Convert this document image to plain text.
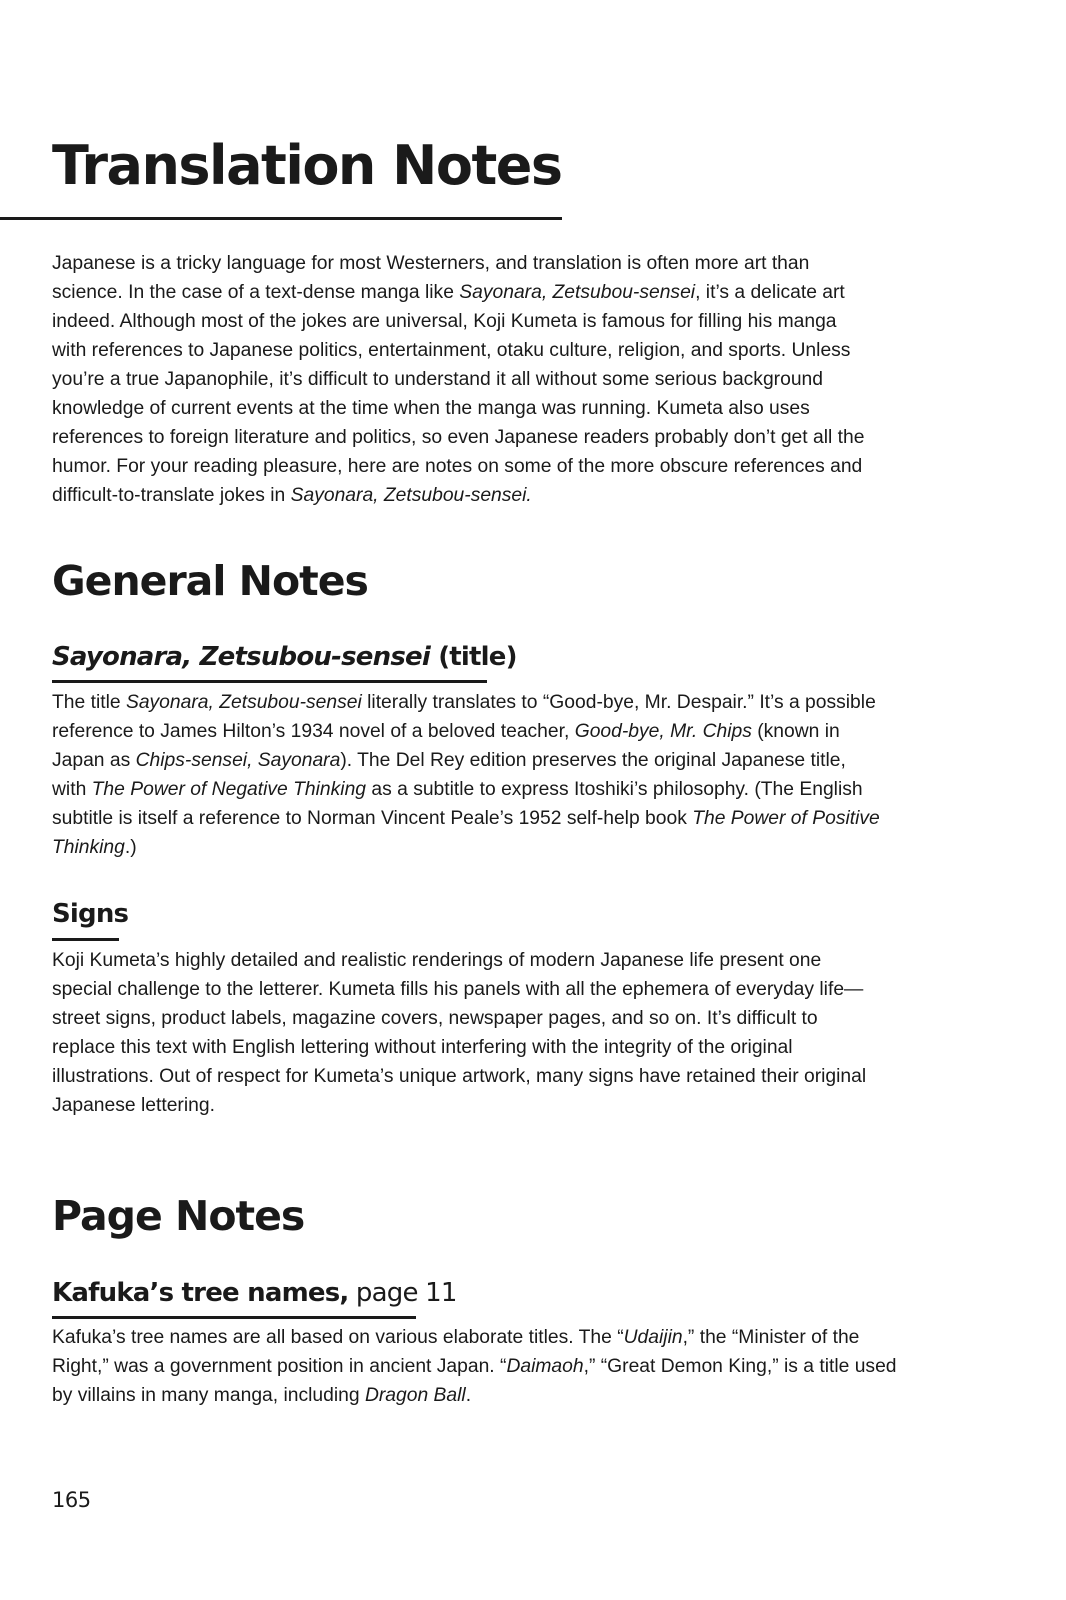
Translation Notes

Japanese is a tricky language for most Westerners, and translation is often more art than science. In the case of a text-dense manga like Sayonara, Zetsubou-sensei, it’s a delicate art indeed. Although most of the jokes are universal, Koji Kumeta is famous for filling his manga with references to Japanese politics, entertainment, otaku culture, religion, and sports. Unless you’re a true Japanophile, it’s difficult to understand it all without some serious background knowledge of current events at the time when the manga was running. Kumeta also uses references to foreign literature and politics, so even Japanese readers probably don’t get all the humor. For your reading pleasure, here are notes on some of the more obscure references and difficult-to-translate jokes in Sayonara, Zetsubou-sensei.

General Notes
Sayonara, Zetsubou-sensei (title)

The title Sayonara, Zetsubou-sensei literally translates to “Good-bye, Mr. Despair.” It’s a possible reference to James Hilton’s 1934 novel of a beloved teacher, Good-bye, Mr. Chips (known in Japan as Chips-sensei, Sayonara). The Del Rey edition preserves the original Japanese title, with The Power of Negative Thinking as a subtitle to express Itoshiki’s philosophy. (The English subtitle is itself a reference to Norman Vincent Peale’s 1952 self-help book The Power of Positive Thinking.)

Signs

Koji Kumeta’s highly detailed and realistic renderings of modern Japanese life present one special challenge to the letterer. Kumeta fills his panels with all the ephemera of everyday life—street signs, product labels, magazine covers, newspaper pages, and so on. It’s difficult to replace this text with English lettering without interfering with the integrity of the original illustrations. Out of respect for Kumeta’s unique artwork, many signs have retained their original Japanese lettering.

Page Notes
Kafuka’s tree names, page 11

Kafuka’s tree names are all based on various elaborate titles. The “Udaijin,” the “Minister of the Right,” was a government position in ancient Japan. “Daimaoh,” “Great Demon King,” is a title used by villains in many manga, including Dragon Ball.

165
